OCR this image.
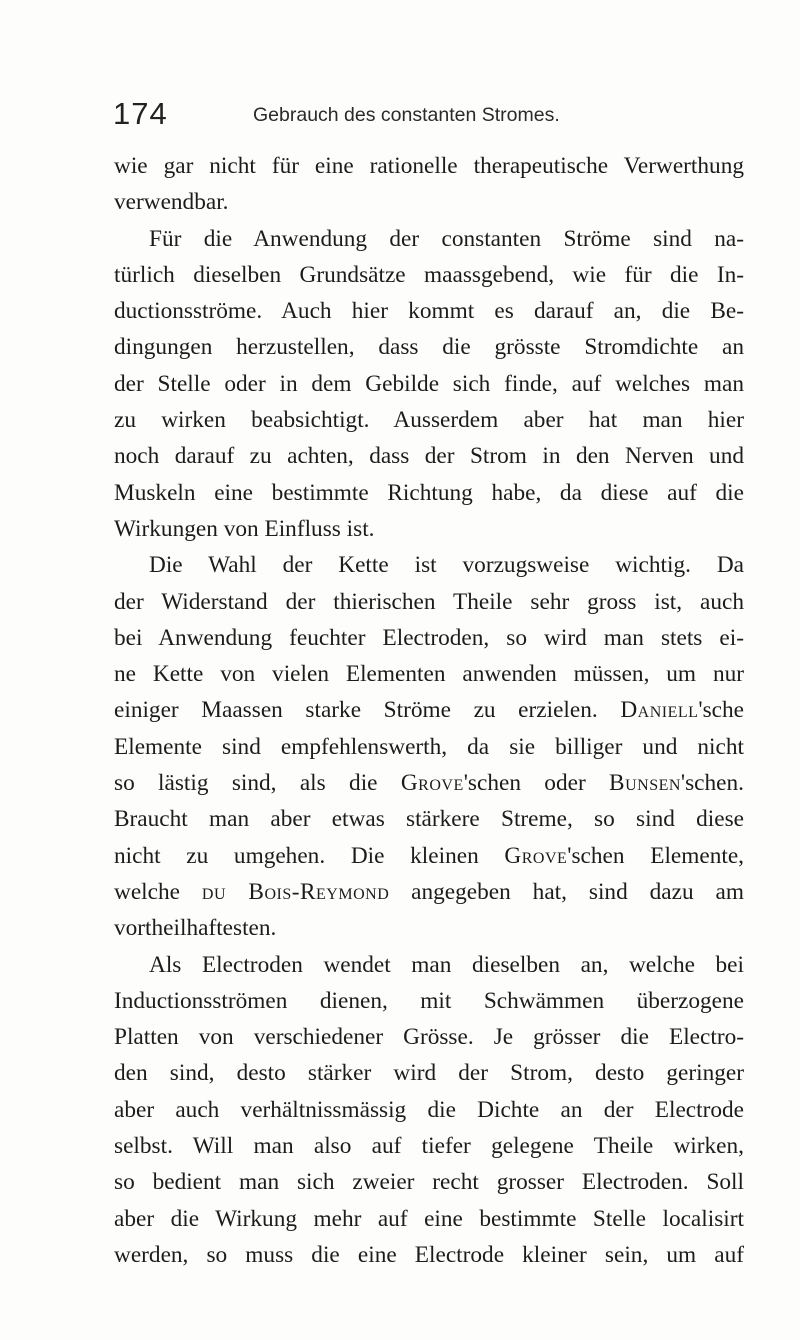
174	Gebrauch des constanten Stromes.
wie gar nicht für eine rationelle therapeutische Verwerthung
verwendbar.
Für die Anwendung der constanten Ströme sind na-
türlich dieselben Grundsätze maassgebend, wie für die In-
ductionsströme. Auch hier kommt es darauf an, die Be-
dingungen herzustellen, dass die grösste Stromdichte an
der Stelle oder in dem Gebilde sich finde, auf welches man
zu wirken beabsichtigt. Ausserdem aber hat man hier
noch darauf zu achten, dass der Strom in den Nerven und
Muskeln eine bestimmte Richtung habe, da diese auf die
Wirkungen von Einfluss ist.
Die Wahl der Kette ist vorzugsweise wichtig. Da
der Widerstand der thierischen Theile sehr gross ist, auch
bei Anwendung feuchter Electroden, so wird man stets ei-
ne Kette von vielen Elementen anwenden müssen, um nur
einiger Maassen starke Ströme zu erzielen. Daniell'sche
Elemente sind empfehlenswerth, da sie billiger und nicht
so lästig sind, als die Grove'schen oder Bunsen'schen.
Braucht man aber etwas stärkere Streme, so sind diese
nicht zu umgehen. Die kleinen Grove'schen Elemente,
welche du Bois-Reymond angegeben hat, sind dazu am
vortheilhaftesten.
Als Electroden wendet man dieselben an, welche bei
Inductionsströmen dienen, mit Schwämmen überzogene
Platten von verschiedener Grösse. Je grösser die Electro-
den sind, desto stärker wird der Strom, desto geringer
aber auch verhältnissmässig die Dichte an der Electrode
selbst. Will man also auf tiefer gelegene Theile wirken,
so bedient man sich zweier recht grosser Electroden. Soll
aber die Wirkung mehr auf eine bestimmte Stelle localisirt
werden, so muss die eine Electrode kleiner sein, um auf
